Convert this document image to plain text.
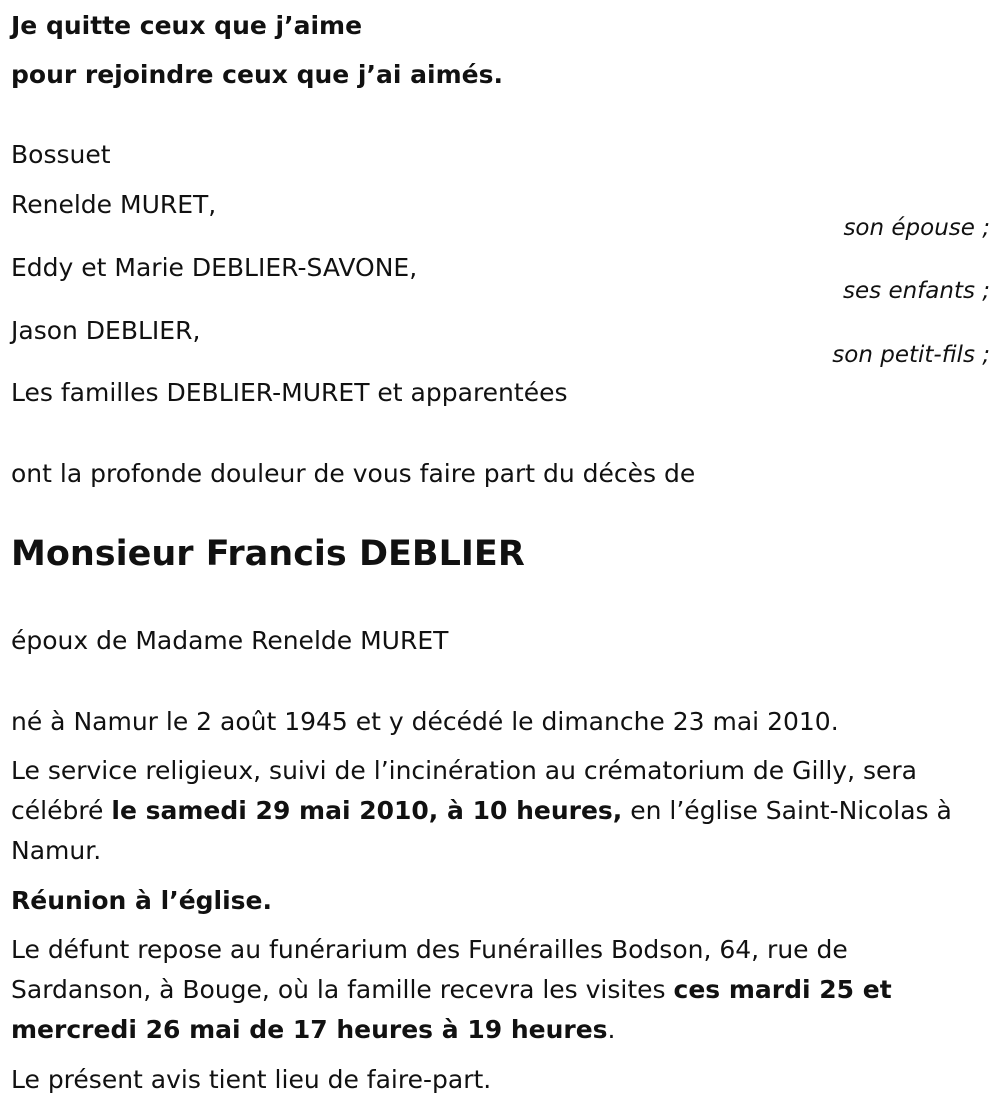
Je quitte ceux que j’aime
pour rejoindre ceux que j’ai aimés.
Bossuet
Renelde MURET,
son épouse ;
Eddy et Marie DEBLIER-SAVONE,
ses enfants ;
Jason DEBLIER,
son petit-fils ;
Les familles DEBLIER-MURET et apparentées
ont la profonde douleur de vous faire part du décès de
Monsieur Francis DEBLIER
époux de Madame Renelde MURET
né à Namur le 2 août 1945 et y décédé le dimanche 23 mai 2010.

Le service religieux, suivi de l’incinération au crématorium de Gilly, sera célébré le samedi 29 mai 2010, à 10 heures, en l’église Saint-Nicolas à Namur.

Réunion à l’église.

Le défunt repose au funérarium des Funérailles Bodson, 64, rue de Sardanson, à Bouge, où la famille recevra les visites ces mardi 25 et mercredi 26 mai de 17 heures à 19 heures.

Le présent avis tient lieu de faire-part.
